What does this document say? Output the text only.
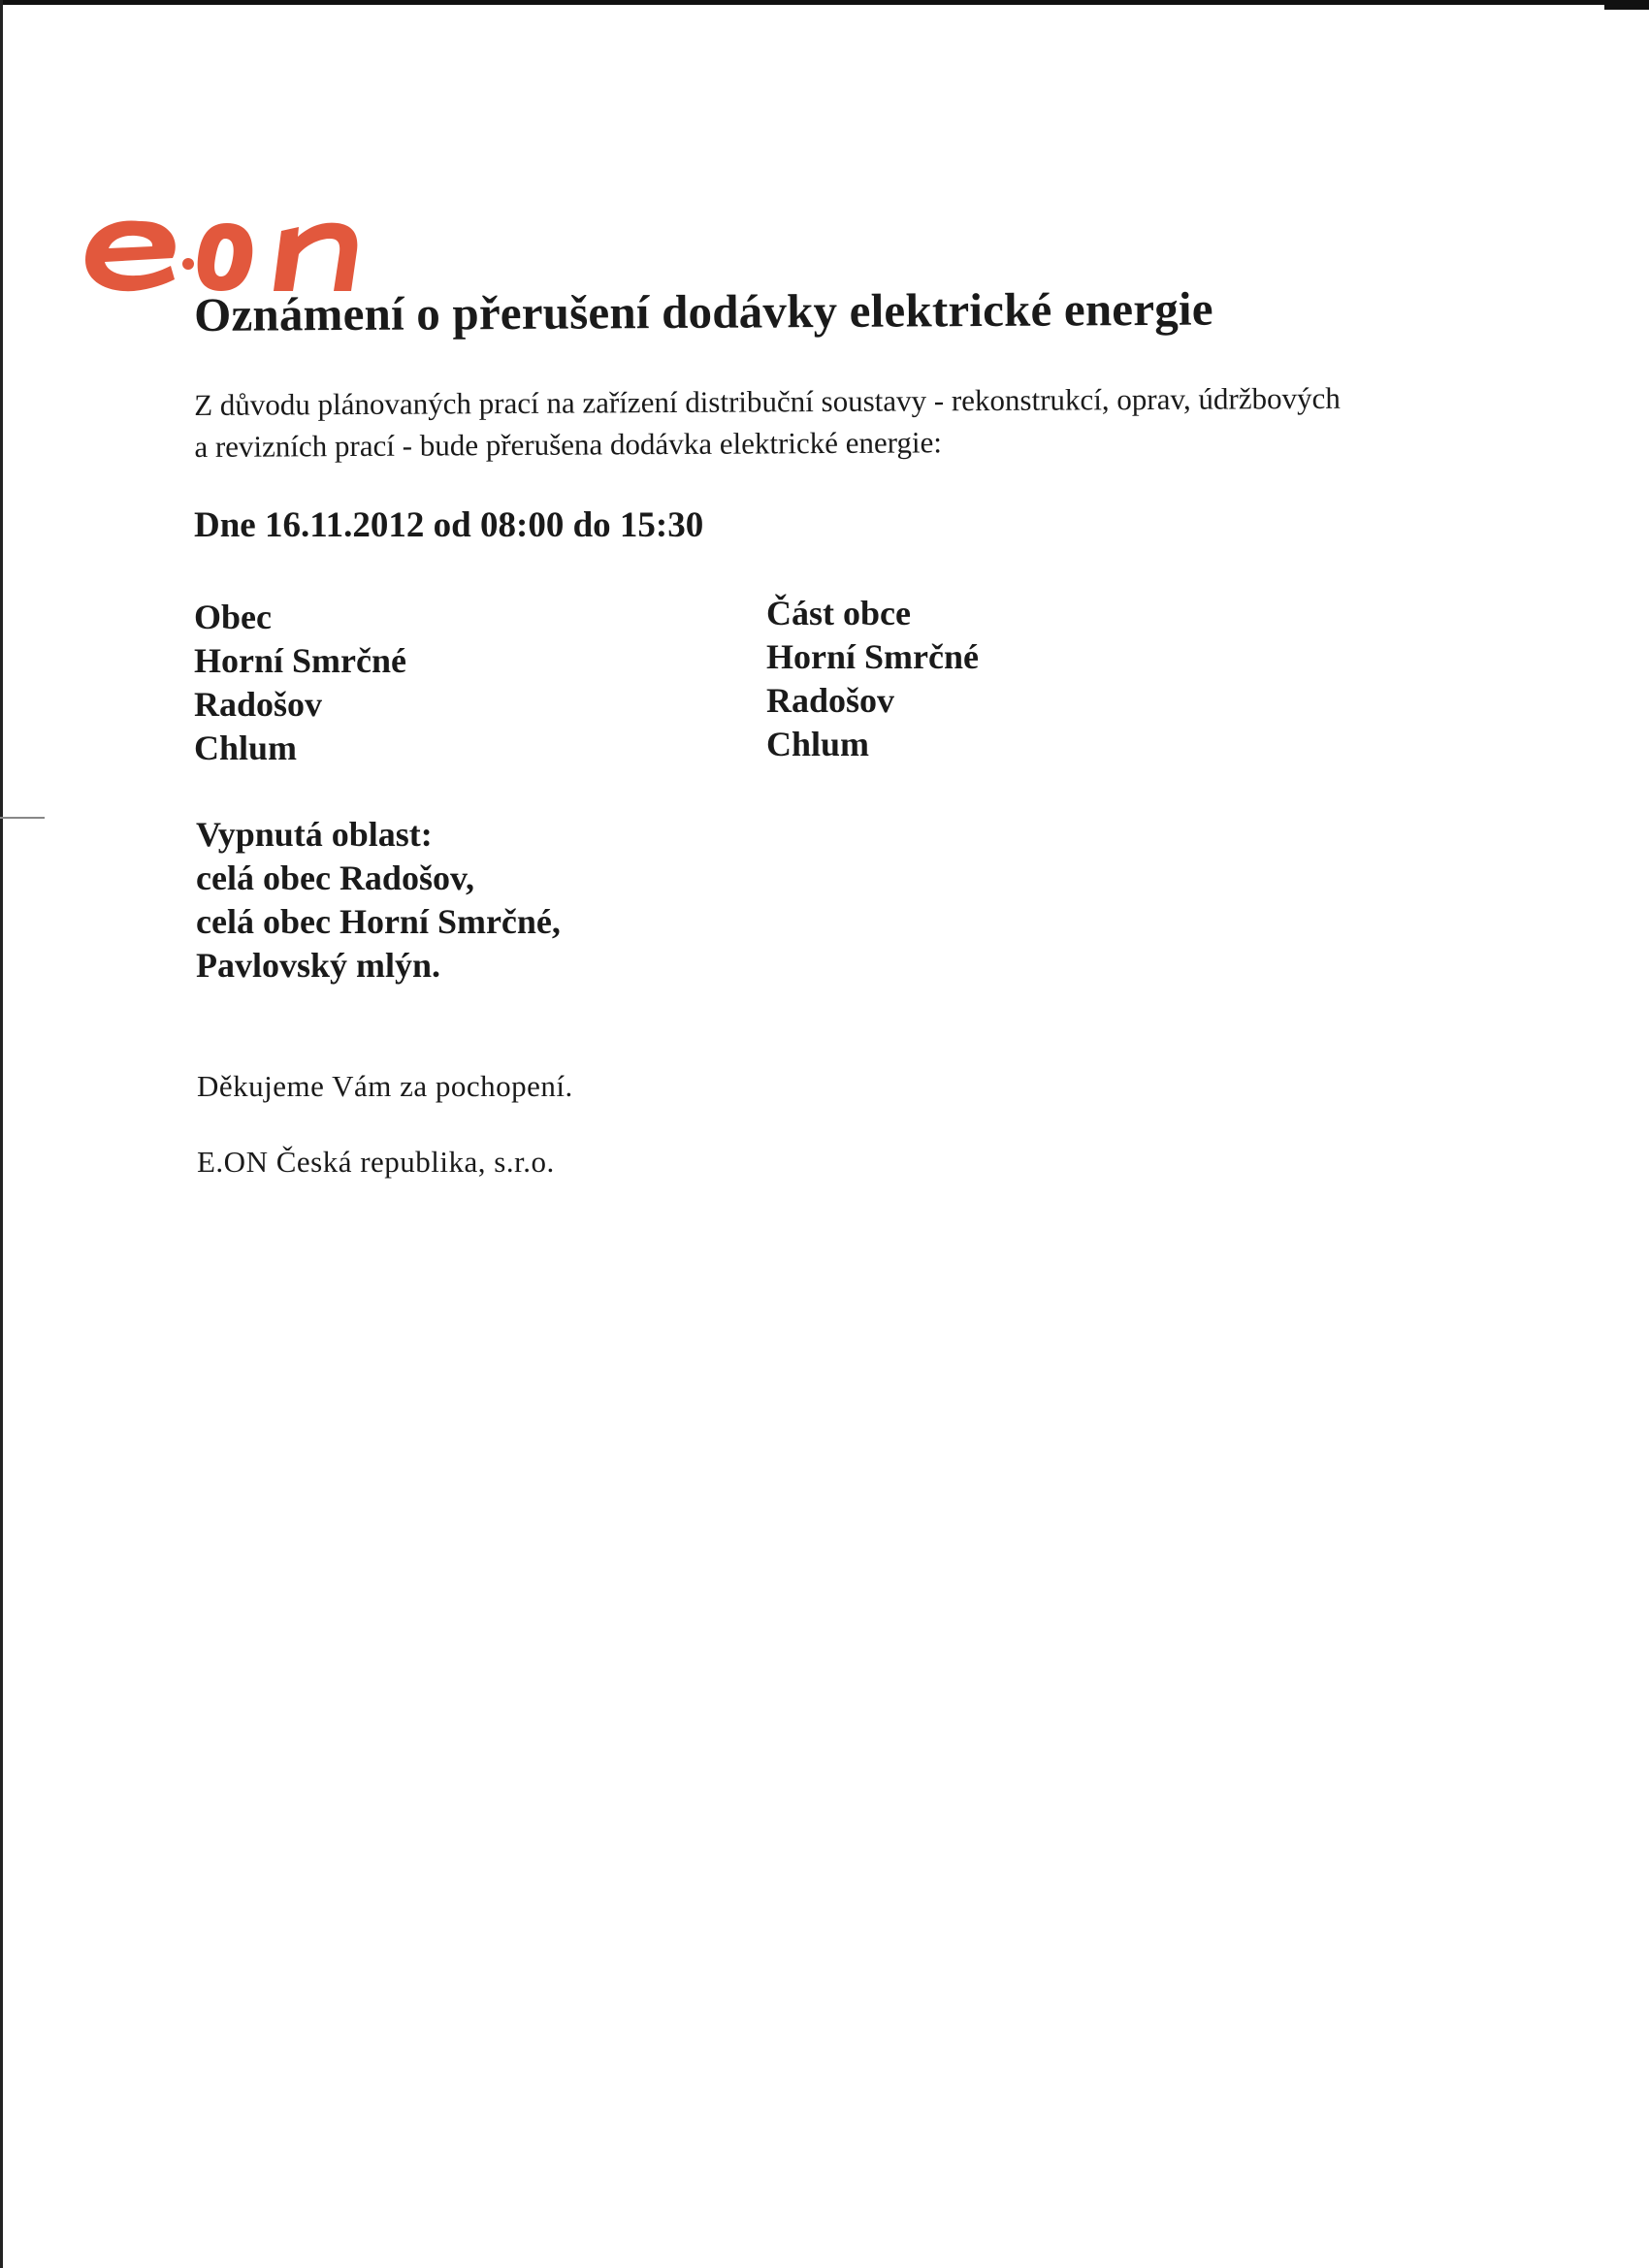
Oznámení o přerušení dodávky elektrické energie

Z důvodu plánovaných prací na zařízení distribuční soustavy - rekonstrukcí, oprav, údržbových

a revizních prací - bude přerušena dodávka elektrické energie:

Dne 16.11.2012 od 08:00 do 15:30
Obec
Horní Smrčné
Radošov
Chlum
Část obce
Horní Smrčné
Radošov
Chlum
Vypnutá oblast:
celá obec Radošov,
celá obec Horní Smrčné,
Pavlovský mlýn.
Děkujeme Vám za pochopení.
E.ON Česká republika, s.r.o.
